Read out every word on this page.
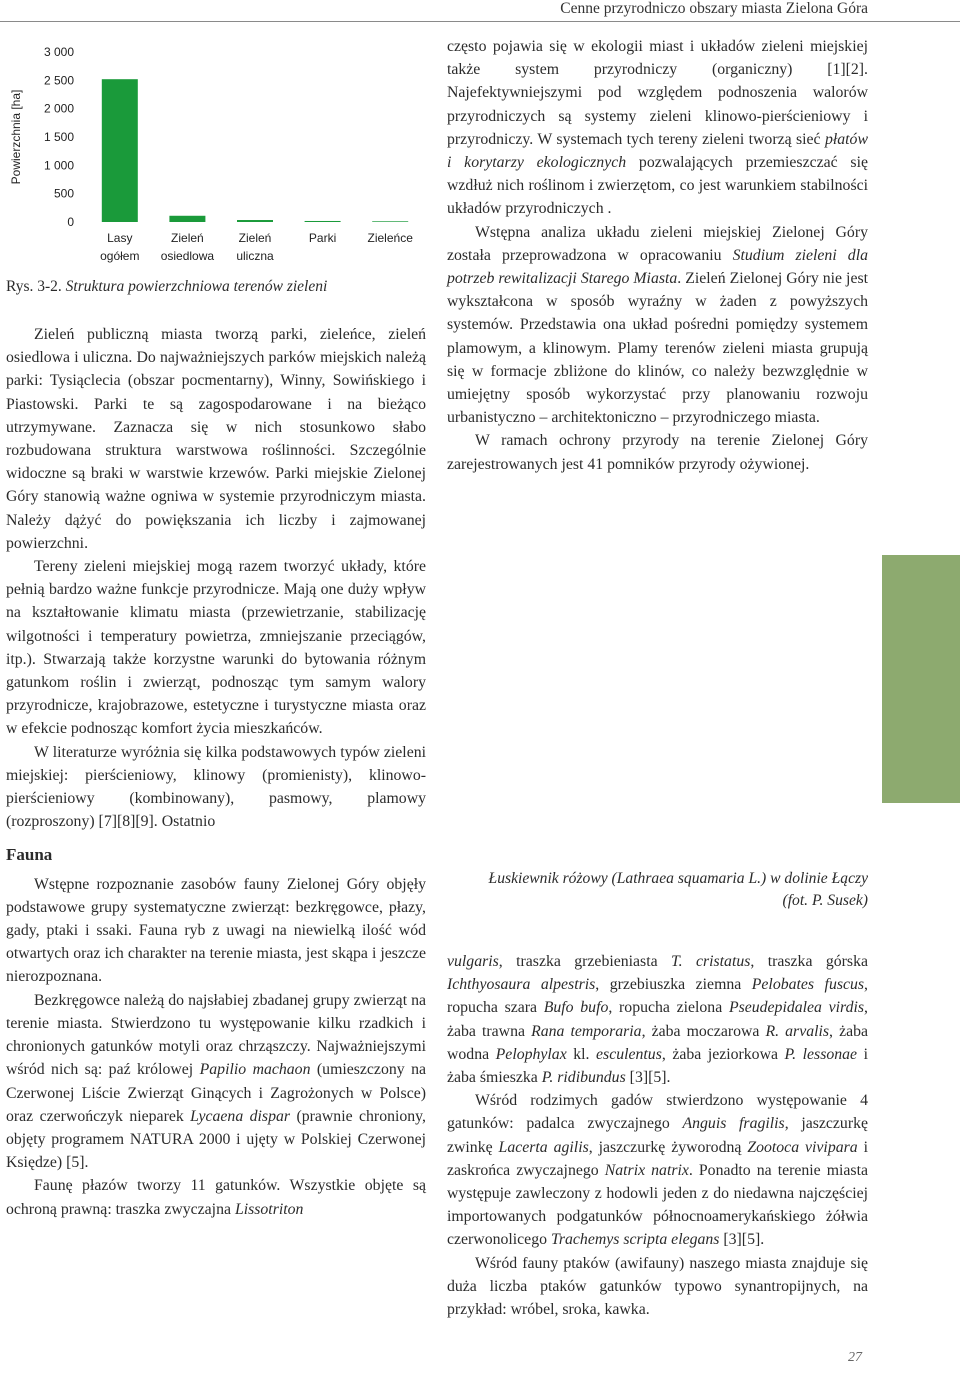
Cenne przyrodniczo obszary miasta Zielona Góra
Powierzchnia [ha]
3 000
2 500
2 000
1 500
1 000
500
0
Lasy
ogółem
Zieleń
osiedlowa
Zieleń
uliczna
Parki	Zieleńce
Rys. 3-2. Struktura powierzchniowa terenów zieleni

Zieleń publiczną miasta tworzą parki, zieleńce, zieleń osiedlowa i uliczna. Do najważniejszych parków miejskich należą parki: Tysiąclecia (obszar pocmentarny), Winny, Sowińskiego i Piastowski. Parki te są zagospodarowane i na bieżąco utrzymywane. Zaznacza się w nich stosunkowo słabo rozbudowana struktura warstwowa roślinności. Szczególnie widoczne są braki w warstwie krzewów. Parki miejskie Zielonej Góry stanowią ważne ogniwa w systemie przyrodniczym miasta. Należy dążyć do powiększania ich liczby i zajmowanej powierzchni.

Tereny zieleni miejskiej mogą razem tworzyć układy, które pełnią bardzo ważne funkcje przyrodnicze. Mają one duży wpływ na kształtowanie klimatu miasta (przewietrzanie, stabilizację wilgotności i temperatury powietrza, zmniejszanie przeciągów, itp.). Stwarzają także korzystne warunki do bytowania różnym gatunkom roślin i zwierząt, podnosząc tym samym walory przyrodnicze, krajobrazowe, estetyczne i turystyczne miasta oraz w efekcie podnosząc komfort życia mieszkańców.

W literaturze wyróżnia się kilka podstawowych typów zieleni miejskiej: pierścieniowy, klinowy (promienisty), klinowo-pierścieniowy (kombinowany), pasmowy, plamowy (rozproszony) [7][8][9]. Ostatnio

Fauna

Wstępne rozpoznanie zasobów fauny Zielonej Góry objęły podstawowe grupy systematyczne zwierząt: bezkręgowce, płazy, gady, ptaki i ssaki. Fauna ryb z uwagi na niewielką ilość wód otwartych oraz ich charakter na terenie miasta, jest skąpa i jeszcze nierozpoznana.

Bezkręgowce należą do najsłabiej zbadanej grupy zwierząt na terenie miasta. Stwierdzono tu występowanie kilku rzadkich i chronionych gatunków motyli oraz chrząszczy. Najważniejszymi wśród nich są: paź królowej Papilio machaon (umieszczony na Czerwonej Liście Zwierząt Ginących i Zagrożonych w Polsce) oraz czerwończyk nieparek Lycaena dispar (prawnie chroniony, objęty programem NATURA 2000 i ujęty w Polskiej Czerwonej Księdze) [5].

Faunę płazów tworzy 11 gatunków. Wszystkie objęte są ochroną prawną: traszka zwyczajna Lissotriton

często pojawia się w ekologii miast i układów zieleni miejskiej także system przyrodniczy (organiczny) [1][2]. Najefektywniejszymi pod względem podnoszenia walorów przyrodniczych są systemy zieleni klinowo-pierścieniowy i przyrodniczy. W systemach tych tereny zieleni tworzą sieć płatów i korytarzy ekologicznych pozwalających przemieszczać się wzdłuż nich roślinom i zwierzętom, co jest warunkiem stabilności układów przyrodniczych .

Wstępna analiza układu zieleni miejskiej Zielonej Góry została przeprowadzona w opracowaniu Studium zieleni dla potrzeb rewitalizacji Starego Miasta. Zieleń Zielonej Góry nie jest wykształcona w sposób wyraźny w żaden z powyższych systemów. Przedstawia ona układ pośredni pomiędzy systemem plamowym, a klinowym. Plamy terenów zieleni miasta grupują się w formacje zbliżone do klinów, co należy bezwzględnie w umiejętny sposób wykorzystać przy planowaniu rozwoju urbanistyczno – architektoniczno – przyrodniczego miasta.

W ramach ochrony przyrody na terenie Zielonej Góry zarejestrowanych jest 41 pomników przyrody ożywionej.

Łuskiewnik różowy (Lathraea squamaria L.) w dolinie Łączy
(fot. P. Susek)

vulgaris, traszka grzebieniasta T. cristatus, traszka górska Ichthyosaura alpestris, grzebiuszka ziemna Pelobates fuscus, ropucha szara Bufo bufo, ropucha zielona Pseudepidalea virdis, żaba trawna Rana temporaria, żaba moczarowa R. arvalis, żaba wodna Pelophylax kl. esculentus, żaba jeziorkowa P. lessonae i żaba śmieszka P. ridibundus [3][5].

Wśród rodzimych gadów stwierdzono występowanie 4 gatunków: padalca zwyczajnego Anguis fragilis, jaszczurkę zwinkę Lacerta agilis, jaszczurkę żyworodną Zootoca vivipara i zaskrońca zwyczajnego Natrix natrix. Ponadto na terenie miasta występuje zawleczony z hodowli jeden z do niedawna najczęściej importowanych podgatunków północnoamerykańskiego żółwia czerwonolicego Trachemys scripta elegans [3][5].

Wśród fauny ptaków (awifauny) naszego miasta znajduje się duża liczba ptaków gatunków typowo synantropijnych, na przykład: wróbel, sroka, kawka.

27
